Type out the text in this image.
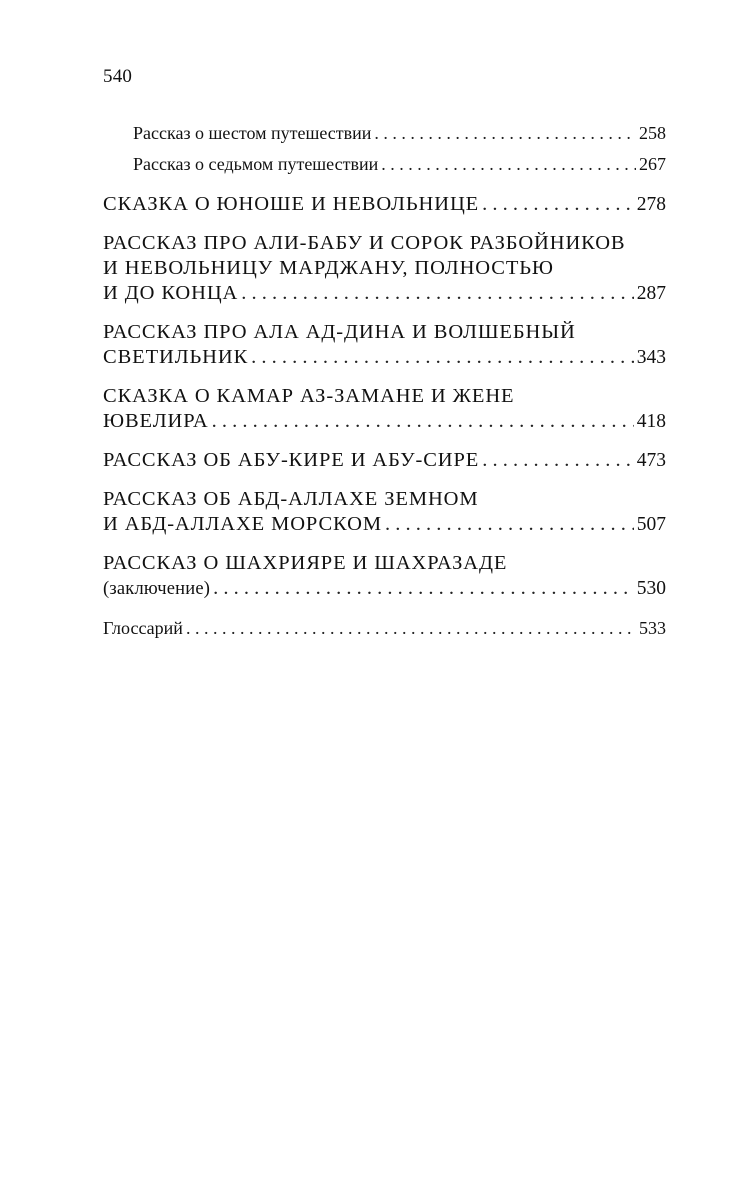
540
Рассказ о шестом путешествии . . .	258
Рассказ о седьмом путешествии . . .	267
СКАЗКА О ЮНОШЕ И НЕВОЛЬНИЦЕ . . .	278
РАССКАЗ ПРО АЛИ-БАБУ И СОРОК РАЗБОЙНИКОВ
И НЕВОЛЬНИЦУ МАРДЖАНУ, ПОЛНОСТЬЮ
И ДО КОНЦА . . .	287
РАССКАЗ ПРО АЛА АД-ДИНА И ВОЛШЕБНЫЙ
СВЕТИЛЬНИК . . .	343
СКАЗКА О КАМАР АЗ-ЗАМАНЕ И ЖЕНЕ
ЮВЕЛИРА . . .	418
РАССКАЗ ОБ АБУ-КИРЕ И АБУ-СИРЕ . . .	473
РАССКАЗ ОБ АБД-АЛЛАХЕ ЗЕМНОМ
И АБД-АЛЛАХЕ МОРСКОМ . . .	507
РАССКАЗ О ШАХРИЯРЕ И ШАХРАЗАДЕ
(заключение) . . .	530
Глоссарий . . .	533
